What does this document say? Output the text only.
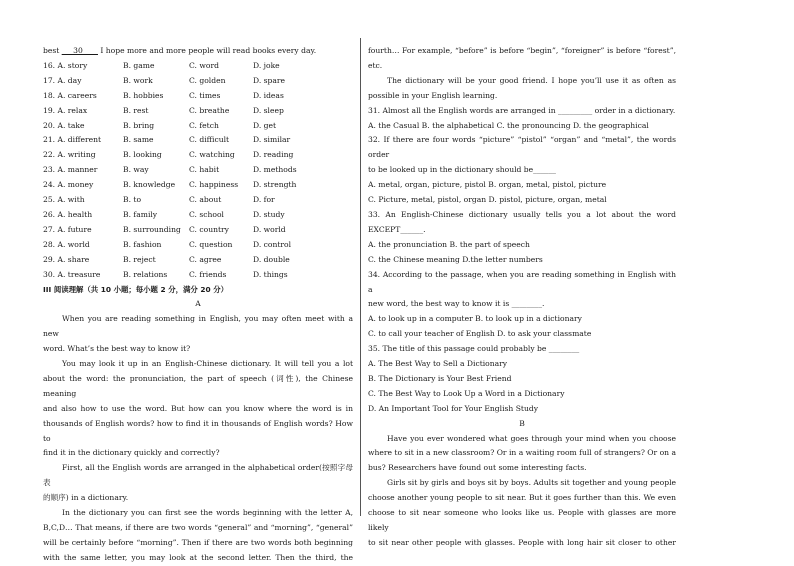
best ___30____ I hope more and more people will read books every day.
16. A. story	B. game	C. word	D. joke
17. A. day	B. work	C. golden	D. spare
18. A. careers	B. hobbies	C. times	D. ideas
19. A. relax	B. rest	C. breathe	D. sleep
20. A. take	B. bring	C. fetch	D. get
21. A. different	B. same	C. difficult	D. similar
22. A. writing	B. looking	C. watching	D. reading
23. A. manner	B. way	C. habit	D. methods
24. A. money	B. knowledge	C. happiness	D. strength
25. A. with	B. to	C. about	D. for
26. A. health	B. family	C. school	D. study
27. A. future	B. surrounding	C. country	D. world
28. A. world	B. fashion	C. question	D. control
29. A. share	B. reject	C. agree	D. double
30. A. treasure	B. relations	C. friends	D. things
III 阅读理解（共 10 小题；每小题 2 分，满分 20 分）
A
When you are reading something in English, you may often meet with a new
word. What’s the best way to know it?
You may look it up in an English-Chinese dictionary. It will tell you a lot
about the word: the pronunciation, the part of speech (词性), the Chinese meaning
and also how to use the word. But how can you know where the word is in
thousands of English words? how to find it in thousands of English words? How to
find it in the dictionary quickly and correctly?
First, all the English words are arranged in the alphabetical order(按照字母表
的顺序) in a dictionary.
In the dictionary you can first see the words beginning with the letter A,
B,C,D… That means, if there are two words “general” and “morning”, “general”
will be certainly before “morning”. Then if there are two words both beginning
with the same letter, you may look at the second letter. Then the third, the
fourth… For example, “before” is before “begin”, “foreigner” is before “forest”,
etc.
The dictionary will be your good friend. I hope you’ll use it as often as
possible in your English learning.
31. Almost all the English words are arranged in _________ order in a dictionary.
A. the Casual B. the alphabetical C. the pronouncing D. the geographical
32. If there are four words “picture” “pistol” “organ” and “metal”, the words order
to be looked up in the dictionary should be______
A. metal, organ, picture, pistol B. organ, metal, pistol, picture
C. Picture, metal, pistol, organ D. pistol, picture, organ, metal
33. An English-Chinese dictionary usually tells you a lot about the word
EXCEPT______.
A. the pronunciation B. the part of speech
C. the Chinese meaning D.the letter numbers
34. According to the passage, when you are reading something in English with a
new word, the best way to know it is ________.
A. to look up in a computer B. to look up in a dictionary
C. to call your teacher of English D. to ask your classmate
35. The title of this passage could probably be ________
A. The Best Way to Sell a Dictionary
B. The Dictionary is Your Best Friend
C. The Best Way to Look Up a Word in a Dictionary
D. An Important Tool for Your English Study
B
Have you ever wondered what goes through your mind when you choose
where to sit in a new classroom? Or in a waiting room full of strangers? Or on a
bus? Researchers have found out some interesting facts.
Girls sit by girls and boys sit by boys. Adults sit together and young people
choose another young people to sit near. But it goes further than this. We even
choose to sit near someone who looks like us. People with glasses are more likely
to sit near other people with glasses. People with long hair sit closer to other
